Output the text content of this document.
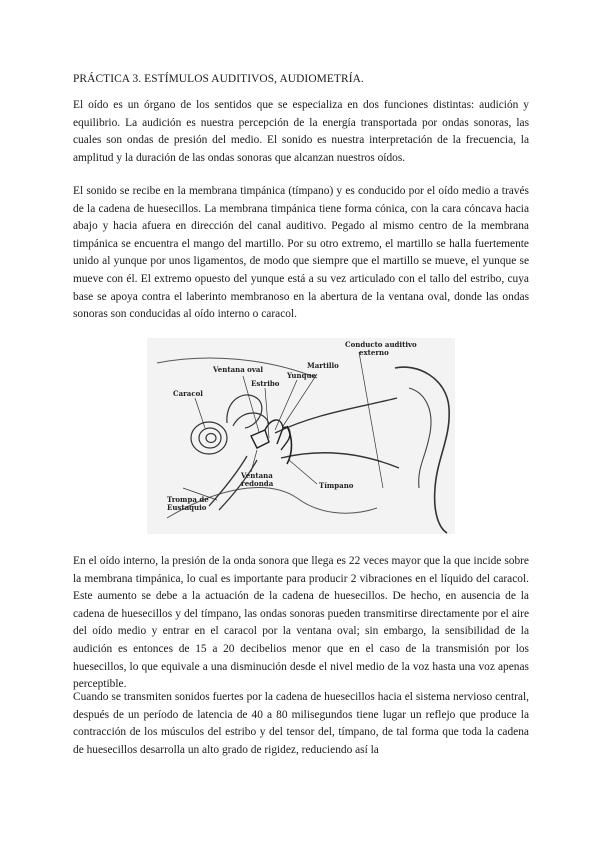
PRÁCTICA 3. ESTÍMULOS AUDITIVOS, AUDIOMETRÍA.

El oído es un órgano de los sentidos que se especializa en dos funciones distintas: audición y equilibrio. La audición es nuestra percepción de la energía transportada por ondas sonoras, las cuales son ondas de presión del medio. El sonido es nuestra interpretación de la frecuencia, la amplitud y la duración de las ondas sonoras que alcanzan nuestros oídos.

El sonido se recibe en la membrana timpánica (tímpano) y es conducido por el oído medio a través de la cadena de huesecillos. La membrana timpánica tiene forma cónica, con la cara cóncava hacia abajo y hacia afuera en dirección del canal auditivo. Pegado al mismo centro de la membrana timpánica se encuentra el mango del martillo. Por su otro extremo, el martillo se halla fuertemente unido al yunque por unos ligamentos, de modo que siempre que el martillo se mueve, el yunque se mueve con él. El extremo opuesto del yunque está a su vez articulado con el tallo del estribo, cuya base se apoya contra el laberinto membranoso en la abertura de la ventana oval, donde las ondas sonoras son conducidas al oído interno o caracol.

Conducto auditivo
externo
Martillo
Ventana oval
Yunque
Estribo
Caracol
Ventana
redonda	Tímpano
Trompa de
Eustaquio

En el oído interno, la presión de la onda sonora que llega es 22 veces mayor que la que incide sobre la membrana timpánica, lo cual es importante para producir 2 vibraciones en el líquido del caracol. Este aumento se debe a la actuación de la cadena de huesecillos. De hecho, en ausencia de la cadena de huesecillos y del tímpano, las ondas sonoras pueden transmitirse directamente por el aire del oído medio y entrar en el caracol por la ventana oval; sin embargo, la sensibilidad de la audición es entonces de 15 a 20 decibelios menor que en el caso de la transmisión por los huesecillos, lo que equivale a una disminución desde el nivel medio de la voz hasta una voz apenas perceptible.

Cuando se transmiten sonidos fuertes por la cadena de huesecillos hacia el sistema nervioso central, después de un período de latencia de 40 a 80 milisegundos tiene lugar un reflejo que produce la contracción de los músculos del estribo y del tensor del, tímpano, de tal forma que toda la cadena de huesecillos desarrolla un alto grado de rigidez, reduciendo así la
